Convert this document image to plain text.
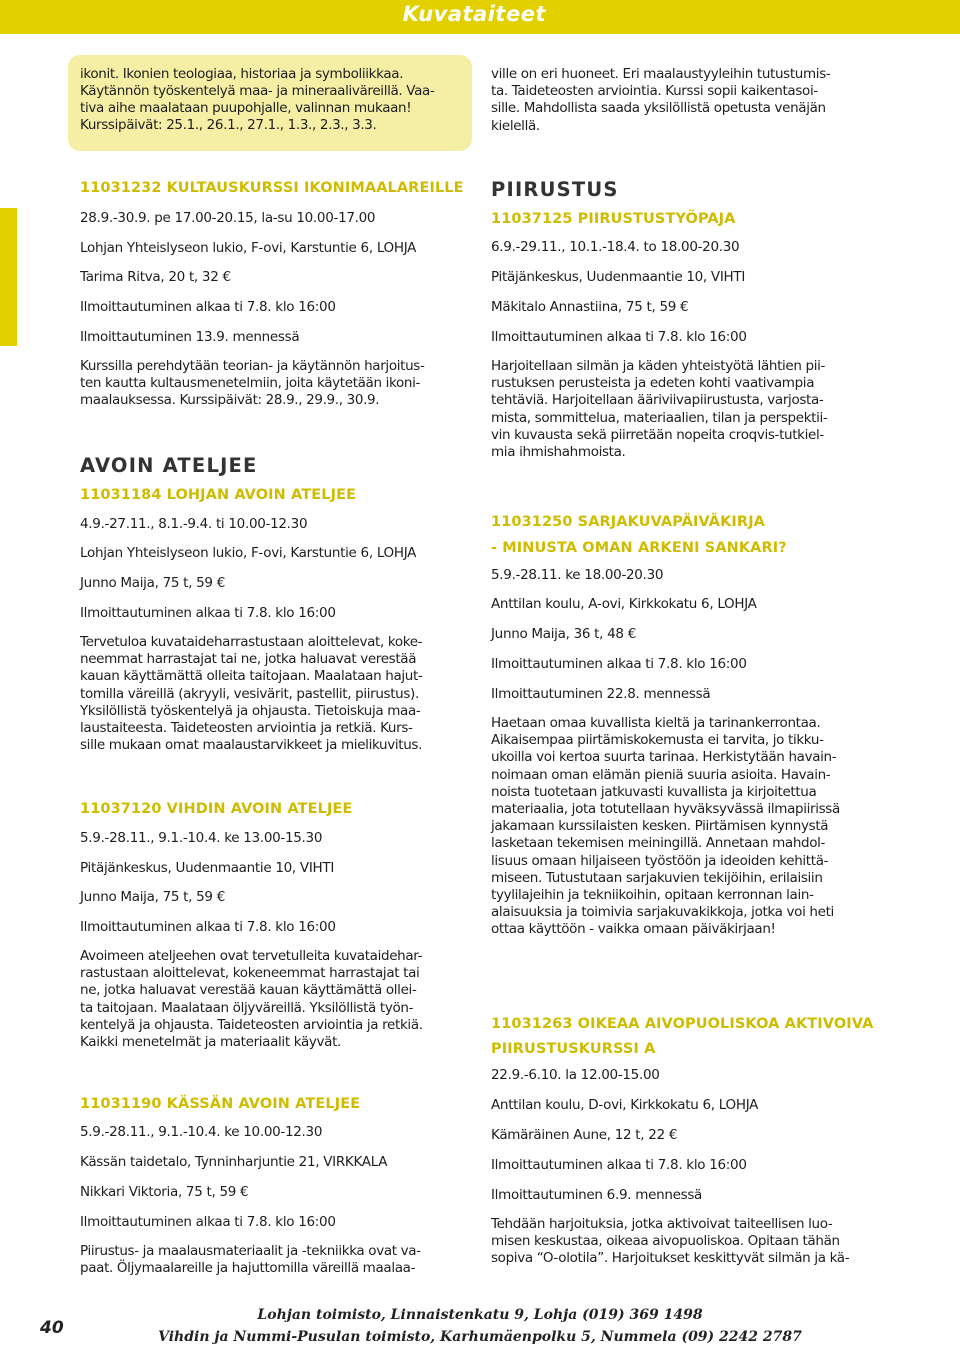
Kuvataiteet
ikonit. Ikonien teologiaa, historiaa ja symboliikkaa.
Käytännön työskentelyä maa- ja mineraaliväreillä. Vaa-
tiva aihe maalataan puupohjalle, valinnan mukaan!
Kurssipäivät: 25.1., 26.1., 27.1., 1.3., 2.3., 3.3.
11031232 KULTAUSKURSSI IKONIMAALAREILLE
28.9.-30.9. pe 17.00-20.15, la-su 10.00-17.00
Lohjan Yhteislyseon lukio, F-ovi, Karstuntie 6, LOHJA
Tarima Ritva, 20 t, 32 €
Ilmoittautuminen alkaa ti 7.8. klo 16:00
Ilmoittautuminen 13.9. mennessä
Kurssilla perehdytään teorian- ja käytännön harjoitus-
ten kautta kultausmenetelmiin, joita käytetään ikoni-
maalauksessa. Kurssipäivät: 28.9., 29.9., 30.9.
AVOIN ATELJEE
11031184 LOHJAN AVOIN ATELJEE
4.9.-27.11., 8.1.-9.4. ti 10.00-12.30
Lohjan Yhteislyseon lukio, F-ovi, Karstuntie 6, LOHJA
Junno Maija, 75 t, 59 €
Ilmoittautuminen alkaa ti 7.8. klo 16:00
Tervetuloa kuvataideharrastustaan aloittelevat, koke-
neemmat harrastajat tai ne, jotka haluavat verestää
kauan käyttämättä olleita taitojaan. Maalataan hajut-
tomilla väreillä (akryyli, vesivärit, pastellit, piirustus).
Yksilöllistä työskentelyä ja ohjausta. Tietoiskuja maa-
laustaiteesta. Taideteosten arviointia ja retkiä. Kurs-
sille mukaan omat maalaustarvikkeet ja mielikuvitus.
11037120 VIHDIN AVOIN ATELJEE
5.9.-28.11., 9.1.-10.4. ke 13.00-15.30
Pitäjänkeskus, Uudenmaantie 10, VIHTI
Junno Maija, 75 t, 59 €
Ilmoittautuminen alkaa ti 7.8. klo 16:00
Avoimeen ateljeehen ovat tervetulleita kuvataidehar-
rastustaan aloittelevat, kokeneemmat harrastajat tai
ne, jotka haluavat verestää kauan käyttämättä ollei-
ta taitojaan. Maalataan öljyväreillä. Yksilöllistä työn-
kentelyä ja ohjausta. Taideteosten arviointia ja retkiä.
Kaikki menetelmät ja materiaalit käyvät.
11031190 KÄSSÄN AVOIN ATELJEE
5.9.-28.11., 9.1.-10.4. ke 10.00-12.30
Kässän taidetalo, Tynninharjuntie 21, VIRKKALA
Nikkari Viktoria, 75 t, 59 €
Ilmoittautuminen alkaa ti 7.8. klo 16:00
Piirustus- ja maalausmateriaalit ja -tekniikka ovat va-
paat. Öljymaalareille ja hajuttomilla väreillä maalaa-
ville on eri huoneet. Eri maalaustyyleihin tutustumis-
ta. Taideteosten arviointia. Kurssi sopii kaikentasoi-
sille. Mahdollista saada yksilöllistä opetusta venäjän
kielellä.
PIIRUSTUS
11037125 PIIRUSTUSTYÖPAJA
6.9.-29.11., 10.1.-18.4. to 18.00-20.30
Pitäjänkeskus, Uudenmaantie 10, VIHTI
Mäkitalo Annastiina, 75 t, 59 €
Ilmoittautuminen alkaa ti 7.8. klo 16:00
Harjoitellaan silmän ja käden yhteistyötä lähtien pii-
rustuksen perusteista ja edeten kohti vaativampia
tehtäviä. Harjoitellaan ääriviivapiirustusta, varjosta-
mista, sommittelua, materiaalien, tilan ja perspektii-
vin kuvausta sekä piirretään nopeita croqvis-tutkiel-
mia ihmishahmoista.
11031250 SARJAKUVAPÄIVÄKIRJA
- MINUSTA OMAN ARKENI SANKARI?
5.9.-28.11. ke 18.00-20.30
Anttilan koulu, A-ovi, Kirkkokatu 6, LOHJA
Junno Maija, 36 t, 48 €
Ilmoittautuminen alkaa ti 7.8. klo 16:00
Ilmoittautuminen 22.8. mennessä
Haetaan omaa kuvallista kieltä ja tarinankerrontaa.
Aikaisempaa piirtämiskokemusta ei tarvita, jo tikku-
ukoilla voi kertoa suurta tarinaa. Herkistytään havain-
noimaan oman elämän pieniä suuria asioita. Havain-
noista tuotetaan jatkuvasti kuvallista ja kirjoitettua
materiaalia, jota totutellaan hyväksyvässä ilmapiirissä
jakamaan kurssilaisten kesken. Piirtämisen kynnystä
lasketaan tekemisen meiningillä. Annetaan mahdol-
lisuus omaan hiljaiseen työstöön ja ideoiden kehittä-
miseen. Tutustutaan sarjakuvien tekijöihin, erilaisiin
tyylilajeihin ja tekniikoihin, opitaan kerronnan lain-
alaisuuksia ja toimivia sarjakuvakikkoja, jotka voi heti
ottaa käyttöön - vaikka omaan päiväkirjaan!
11031263 OIKEAA AIVOPUOLISKOA AKTIVOIVA
PIIRUSTUSKURSSI A
22.9.-6.10. la 12.00-15.00
Anttilan koulu, D-ovi, Kirkkokatu 6, LOHJA
Kämäräinen Aune, 12 t, 22 €
Ilmoittautuminen alkaa ti 7.8. klo 16:00
Ilmoittautuminen 6.9. mennessä
Tehdään harjoituksia, jotka aktivoivat taiteellisen luo-
misen keskustaa, oikeaa aivopuoliskoa. Opitaan tähän
sopiva “O-olotila”. Harjoitukset keskittyvät silmän ja kä-
40
Lohjan toimisto, Linnaistenkatu 9, Lohja (019) 369 1498
Vihdin ja Nummi-Pusulan toimisto, Karhumäenpolku 5, Nummela (09) 2242 2787
